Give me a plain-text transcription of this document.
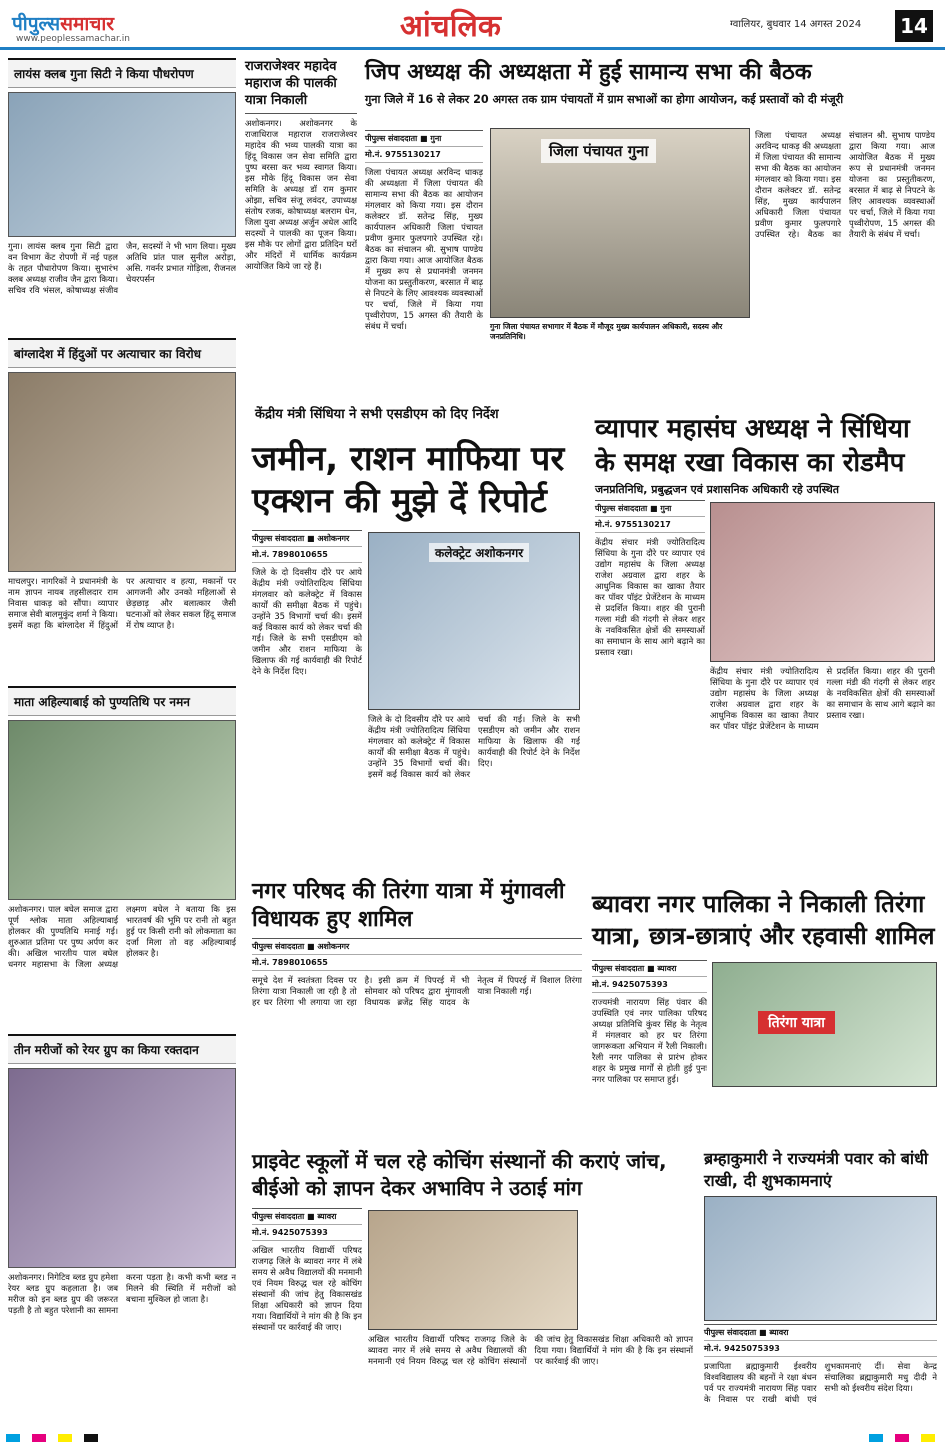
पीपुल्ससमाचार
www.peoplessamachar.in	आंचलिक	ग्वालियर, बुधवार 14 अगस्त 2024 14
लायंस क्लब गुना सिटी ने किया पौधरोपण
गुना। लायंस क्लब गुना सिटी द्वारा वन विभाग केंट रोपणी में नई पहल के तहत पौधारोपण किया। सुभारंभ क्लब अध्यक्ष राजीव जैन द्वारा किया। सचिव रवि भंसल, कोषाध्यक्ष संजीव जैन, सदस्यों ने भी भाग लिया। मुख्य अतिथि प्रांत पाल सुनील अरोड़ा, असि. गवर्नर प्रभात गोड़िला, रीजनल चेयरपर्सन
बांग्लादेश में हिंदुओं पर अत्याचार का विरोध
माचलपुर। नागरिकों ने प्रधानमंत्री के नाम ज्ञापन नायब तहसीलदार राम निवास धाकड़ को सौंपा। व्यापार समाज सेवी बालमुकुंद शर्मा ने किया। इसमें कहा कि बांग्लादेश में हिंदुओं पर अत्याचार व हत्या, मकानों पर आगजनी और उनको महिलाओं से छेड़छाड़ और बलात्कार जैसी घटनाओं को लेकर सकल हिंदू समाज में रोष व्याप्त है।
माता अहिल्याबाई को पुण्यतिथि पर नमन
अशोकनगर। पाल बघेल समाज द्वारा पूर्ण श्लोक माता अहिल्याबाई होलकर की पुण्यतिथि मनाई गई। शुरुआत प्रतिमा पर पुष्प अर्पण कर की। अखिल भारतीय पाल बघेल धनगर महासभा के जिला अध्यक्ष लक्ष्मण बघेल ने बताया कि इस भारतवर्ष की भूमि पर रानी तो बहुत हुई पर किसी रानी को लोकमाता का दर्जा मिला तो वह अहिल्याबाई होलकर है।
तीन मरीजों को रेयर ग्रुप का किया रक्तदान
अशोकनगर। निगेटिव ब्लड ग्रुप हमेशा रेयर ब्लड ग्रुप कहलाता है। जब मरीज को इन ब्लड ग्रुप की जरूरत पड़ती है तो बहुत परेशानी का सामना करना पड़ता है। कभी कभी ब्लड न मिलने की स्थिति में मरीजों को बचाना मुश्किल हो जाता है।
राजराजेश्वर महादेव महाराज की पालकी यात्रा निकाली
अशोकनगर। अशोकनगर के राजाधिराज महाराज राजराजेश्वर महादेव की भव्य पालकी यात्रा का हिंदू विकास जन सेवा समिति द्वारा पुष्प बरसा कर भव्य स्वागत किया। इस मौके हिंदू विकास जन सेवा समिति के अध्यक्ष डॉ राम कुमार ओझा, सचिव संजू लवंदर, उपाध्यक्ष संतोष रजक, कोषाध्यक्ष बलराम धेन, जिला युवा अध्यक्ष अर्जुन अधेल आदि सदस्यों ने पालकी का पूजन किया। इस मौके पर लोगों द्वारा प्रतिदिन घरों और मंदिरों में धार्मिक कार्यक्रम आयोजित किये जा रहे हैं।
जिप अध्यक्ष की अध्यक्षता में हुई सामान्य सभा की बैठक
गुना जिले में 16 से लेकर 20 अगस्त तक ग्राम पंचायतों में ग्राम सभाओं का होगा आयोजन, कई प्रस्तावों को दी मंजूरी
पीपुल्स संवाददाता ■ गुना
मो.नं. 9755130217
जिला पंचायत अध्यक्ष अरविन्द धाकड़ की अध्यक्षता में जिला पंचायत की सामान्य सभा की बैठक का आयोजन मंगलवार को किया गया। इस दौरान कलेक्टर डॉ. सतेन्द्र सिंह, मुख्य कार्यपालन अधिकारी जिला पंचायत प्रवीण कुमार फुलपगारे उपस्थित रहे। बैठक का संचालन श्री. सुभाष पाण्डेय द्वारा किया गया। आज आयोजित बैठक में मुख्य रूप से प्रधानमंत्री जनमन योजना का प्रस्तुतीकरण, बरसात में बाढ़ से निपटने के लिए आवश्यक व्यवस्थाओं पर चर्चा, जिले में किया गया पृथ्वीरोपण, 15 अगस्त की तैयारी के संबंध में चर्चा।
जिला पंचायत गुना
गुना जिला पंचायत सभागार में बैठक में मौजूद मुख्य कार्यपालन अधिकारी, सदस्य और जनप्रतिनिधि।
जिला पंचायत अध्यक्ष अरविन्द धाकड़ की अध्यक्षता में जिला पंचायत की सामान्य सभा की बैठक का आयोजन मंगलवार को किया गया। इस दौरान कलेक्टर डॉ. सतेन्द्र सिंह, मुख्य कार्यपालन अधिकारी जिला पंचायत प्रवीण कुमार फुलपगारे उपस्थित रहे। बैठक का संचालन श्री. सुभाष पाण्डेय द्वारा किया गया। आज आयोजित बैठक में मुख्य रूप से प्रधानमंत्री जनमन योजना का प्रस्तुतीकरण, बरसात में बाढ़ से निपटने के लिए आवश्यक व्यवस्थाओं पर चर्चा, जिले में किया गया पृथ्वीरोपण, 15 अगस्त की तैयारी के संबंध में चर्चा।
केंद्रीय मंत्री सिंधिया ने सभी एसडीएम को दिए निर्देश
जमीन, राशन माफिया पर एक्शन की मुझे दें रिपोर्ट
पीपुल्स संवाददाता ■ अशोकनगर
मो.नं. 7898010655
जिले के दो दिवसीय दौरे पर आये केंद्रीय मंत्री ज्योतिरादित्य सिंधिया मंगलवार को कलेक्ट्रेट में विकास कार्यों की समीक्षा बैठक में पहुंचे। उन्होंने 35 विभागों चर्चा की। इसमें कई विकास कार्य को लेकर चर्चा की गई। जिले के सभी एसडीएम को जमीन और राशन माफिया के खिलाफ की गई कार्यवाही की रिपोर्ट देने के निर्देश दिए।
कलेक्ट्रेट अशोकनगर
जिले के दो दिवसीय दौरे पर आये केंद्रीय मंत्री ज्योतिरादित्य सिंधिया मंगलवार को कलेक्ट्रेट में विकास कार्यों की समीक्षा बैठक में पहुंचे। उन्होंने 35 विभागों चर्चा की। इसमें कई विकास कार्य को लेकर चर्चा की गई। जिले के सभी एसडीएम को जमीन और राशन माफिया के खिलाफ की गई कार्यवाही की रिपोर्ट देने के निर्देश दिए।
व्यापार महासंघ अध्यक्ष ने सिंधिया के समक्ष रखा विकास का रोडमैप
जनप्रतिनिधि, प्रबुद्धजन एवं प्रशासनिक अधिकारी रहे उपस्थित
पीपुल्स संवाददाता ■ गुना
मो.नं. 9755130217
केंद्रीय संचार मंत्री ज्योतिरादित्य सिंधिया के गुना दौरे पर व्यापार एवं उद्योग महासंघ के जिला अध्यक्ष राजेश अग्रवाल द्वारा शहर के आधुनिक विकास का खाका तैयार कर पॉवर पॉइंट प्रेजेंटेशन के माध्यम से प्रदर्शित किया। शहर की पुरानी गल्ला मंडी की गंदगी से लेकर शहर के नवविकसित क्षेत्रों की समस्याओं का समाधान के साथ आगे बढ़ाने का प्रस्ताव रखा।
केंद्रीय संचार मंत्री ज्योतिरादित्य सिंधिया के गुना दौरे पर व्यापार एवं उद्योग महासंघ के जिला अध्यक्ष राजेश अग्रवाल द्वारा शहर के आधुनिक विकास का खाका तैयार कर पॉवर पॉइंट प्रेजेंटेशन के माध्यम से प्रदर्शित किया। शहर की पुरानी गल्ला मंडी की गंदगी से लेकर शहर के नवविकसित क्षेत्रों की समस्याओं का समाधान के साथ आगे बढ़ाने का प्रस्ताव रखा।
नगर परिषद की तिरंगा यात्रा में मुंगावली विधायक हुए शामिल
पीपुल्स संवाददाता ■ अशोकनगर
मो.नं. 7898010655
समूचे देश में स्वतंत्रता दिवस पर तिरंगा यात्रा निकाली जा रही है तो हर घर तिरंगा भी लगाया जा रहा है। इसी क्रम में पिपरई में भी सोमवार को परिषद द्वारा मुंगावली विधायक ब्रजेंद्र सिंह यादव के नेतृत्व में पिपरई में विशाल तिरंगा यात्रा निकाली गई।
ब्यावरा नगर पालिका ने निकाली तिरंगा यात्रा, छात्र-छात्राएं और रहवासी शामिल
पीपुल्स संवाददाता ■ ब्यावरा
मो.नं. 9425075393
राज्यमंत्री नारायण सिंह पंवार की उपस्थिति एवं नगर पालिका परिषद अध्यक्ष प्रतिनिधि कुंवर सिंह के नेतृत्व में मंगलवार को हर घर तिरंगा जागरूकता अभियान में रैली निकाली। रैली नगर पालिका से प्रारंभ होकर शहर के प्रमुख मार्गों से होती हुई पुनः नगर पालिका पर समाप्त हुई।
तिरंगा यात्रा
प्राइवेट स्कूलों में चल रहे कोचिंग संस्थानों की कराएं जांच, बीईओ को ज्ञापन देकर अभाविप ने उठाई मांग
पीपुल्स संवाददाता ■ ब्यावरा
मो.नं. 9425075393
अखिल भारतीय विद्यार्थी परिषद राजगढ़ जिले के ब्यावरा नगर में लंबे समय से अवैध विद्यालयों की मनमानी एवं नियम विरुद्ध चल रहे कोचिंग संस्थानों की जांच हेतु विकासखंड शिक्षा अधिकारी को ज्ञापन दिया गया। विद्यार्थियों ने मांग की है कि इन संस्थानों पर कार्रवाई की जाए।
अखिल भारतीय विद्यार्थी परिषद राजगढ़ जिले के ब्यावरा नगर में लंबे समय से अवैध विद्यालयों की मनमानी एवं नियम विरुद्ध चल रहे कोचिंग संस्थानों की जांच हेतु विकासखंड शिक्षा अधिकारी को ज्ञापन दिया गया। विद्यार्थियों ने मांग की है कि इन संस्थानों पर कार्रवाई की जाए।
ब्रम्हाकुमारी ने राज्यमंत्री पवार को बांधी राखी, दी शुभकामनाएं
पीपुल्स संवाददाता ■ ब्यावरा
मो.नं. 9425075393
प्रजापिता ब्रह्माकुमारी ईश्वरीय विश्वविद्यालय की बहनों ने रक्षा बंधन पर्व पर राज्यमंत्री नारायण सिंह पवार के निवास पर राखी बांधी एवं शुभकामनाएं दीं। सेवा केन्द्र संचालिका ब्रह्माकुमारी मधु दीदी ने सभी को ईश्वरीय संदेश दिया।
